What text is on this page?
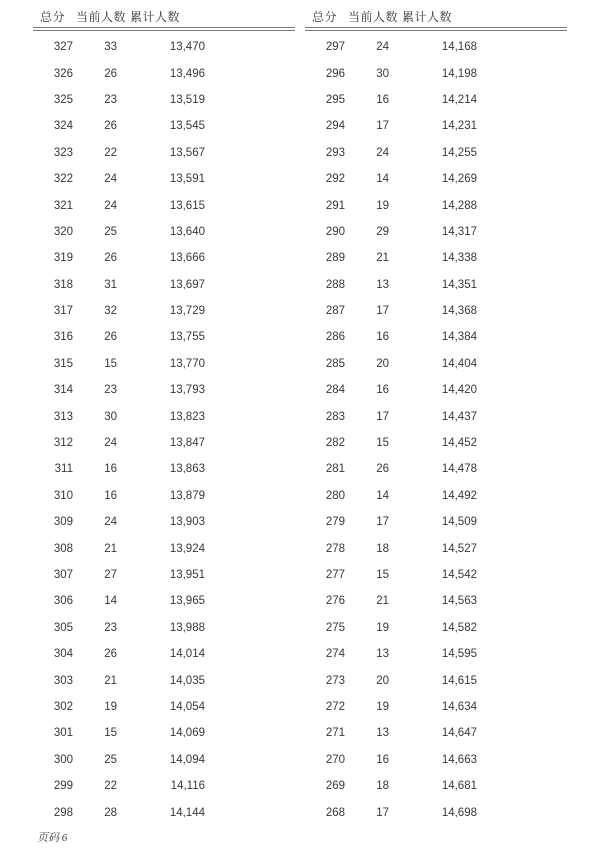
总分 当前人数 累计人数
327	33	13,470
326	26	13,496
325	23	13,519
324	26	13,545
323	22	13,567
322	24	13,591
321	24	13,615
320	25	13,640
319	26	13,666
318	31	13,697
317	32	13,729
316	26	13,755
315	15	13,770
314	23	13,793
313	30	13,823
312	24	13,847
311	16	13,863
310	16	13,879
309	24	13,903
308	21	13,924
307	27	13,951
306	14	13,965
305	23	13,988
304	26	14,014
303	21	14,035
302	19	14,054
301	15	14,069
300	25	14,094
299	22	14,116
298	28	14,144
总分 当前人数 累计人数
297	24	14,168
296	30	14,198
295	16	14,214
294	17	14,231
293	24	14,255
292	14	14,269
291	19	14,288
290	29	14,317
289	21	14,338
288	13	14,351
287	17	14,368
286	16	14,384
285	20	14,404
284	16	14,420
283	17	14,437
282	15	14,452
281	26	14,478
280	14	14,492
279	17	14,509
278	18	14,527
277	15	14,542
276	21	14,563
275	19	14,582
274	13	14,595
273	20	14,615
272	19	14,634
271	13	14,647
270	16	14,663
269	18	14,681
268	17	14,698
页码 6
